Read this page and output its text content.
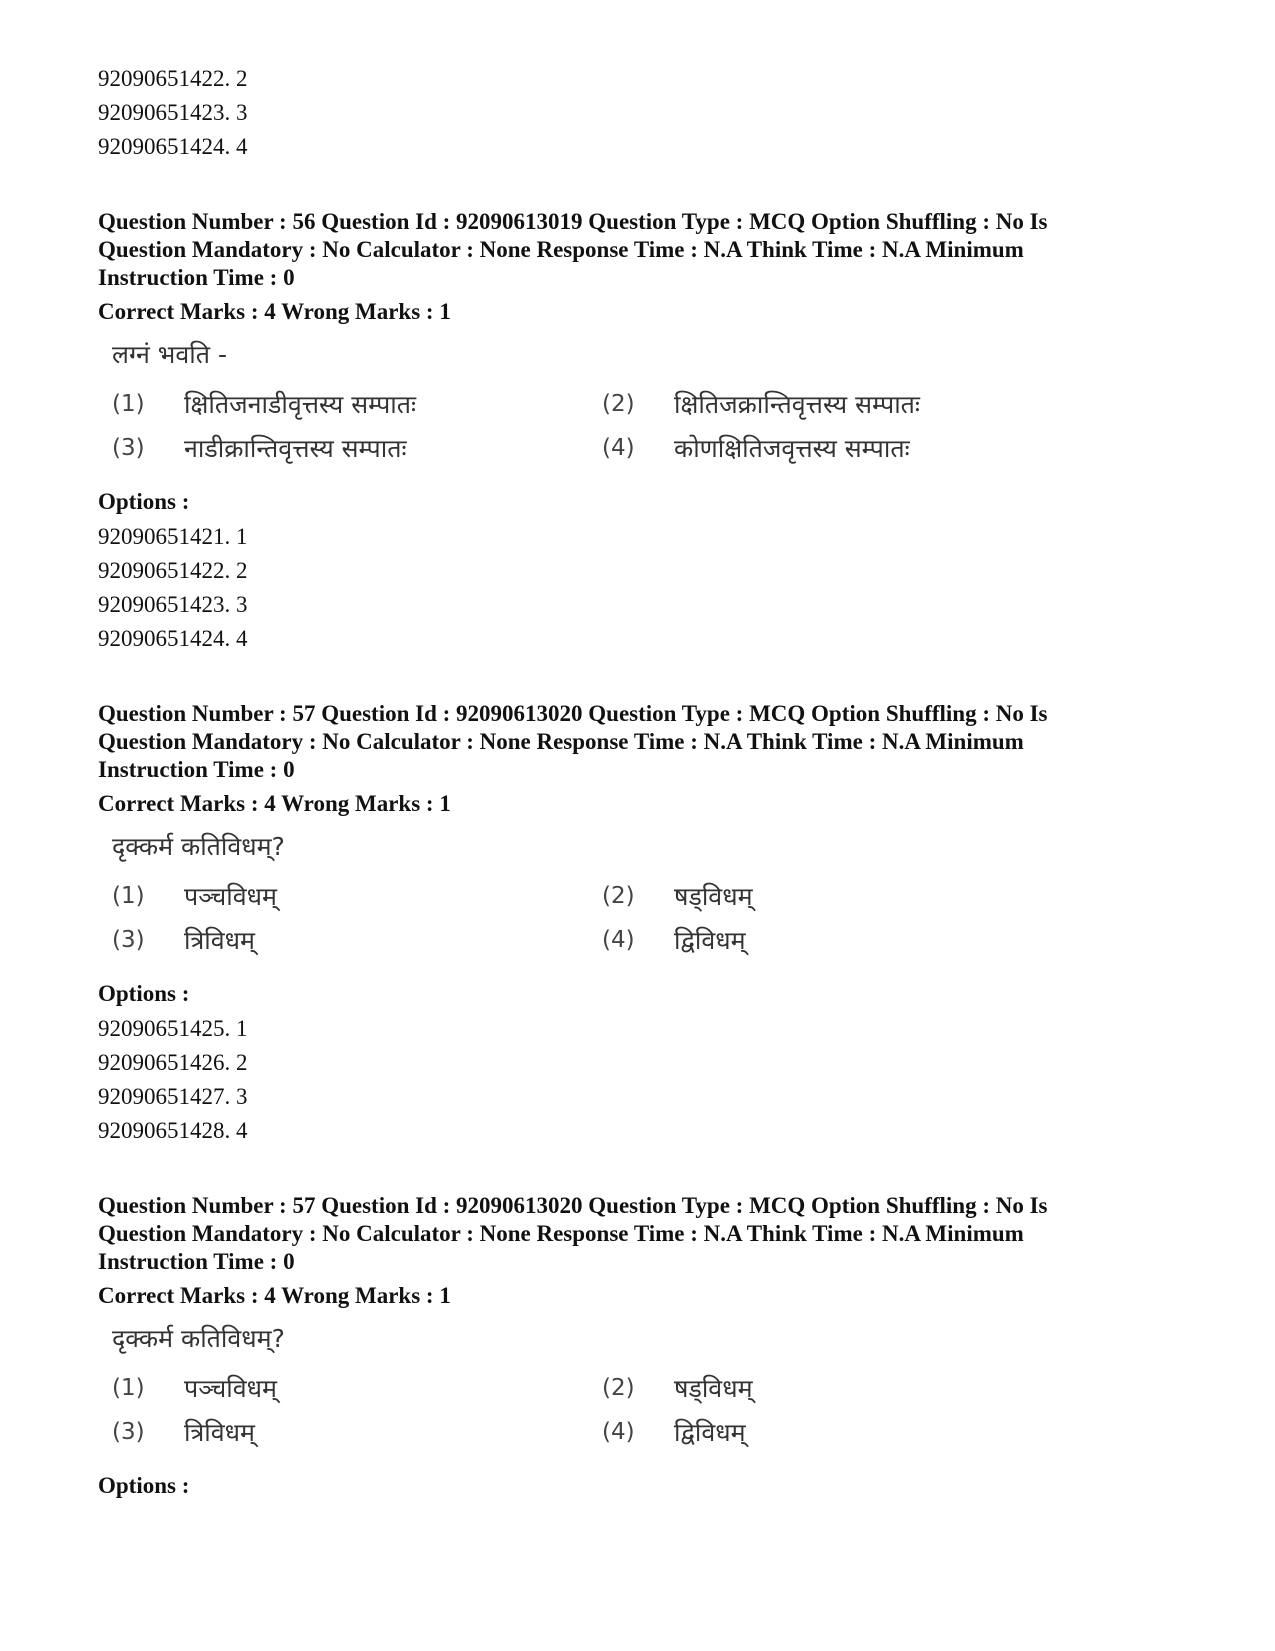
92090651422. 2
92090651423. 3
92090651424. 4
Question Number : 56 Question Id : 92090613019 Question Type : MCQ Option Shuffling : No Is Question Mandatory : No Calculator : None Response Time : N.A Think Time : N.A Minimum Instruction Time : 0
Correct Marks : 4 Wrong Marks : 1
लग्नं भवति -
(1)	क्षितिजनाडीवृत्तस्य सम्पातः	(2)	क्षितिजक्रान्तिवृत्तस्य सम्पातः
(3)	नाडीक्रान्तिवृत्तस्य सम्पातः	(4)	कोणक्षितिजवृत्तस्य सम्पातः
Options :
92090651421. 1
92090651422. 2
92090651423. 3
92090651424. 4
Question Number : 57 Question Id : 92090613020 Question Type : MCQ Option Shuffling : No Is Question Mandatory : No Calculator : None Response Time : N.A Think Time : N.A Minimum Instruction Time : 0
Correct Marks : 4 Wrong Marks : 1
दृक्कर्म कतिविधम्?
(1)	पञ्चविधम्	(2)	षड्विधम्
(3)	त्रिविधम्	(4)	द्विविधम्
Options :
92090651425. 1
92090651426. 2
92090651427. 3
92090651428. 4
Question Number : 57 Question Id : 92090613020 Question Type : MCQ Option Shuffling : No Is Question Mandatory : No Calculator : None Response Time : N.A Think Time : N.A Minimum Instruction Time : 0
Correct Marks : 4 Wrong Marks : 1
दृक्कर्म कतिविधम्?
(1)	पञ्चविधम्	(2)	षड्विधम्
(3)	त्रिविधम्	(4)	द्विविधम्
Options :
